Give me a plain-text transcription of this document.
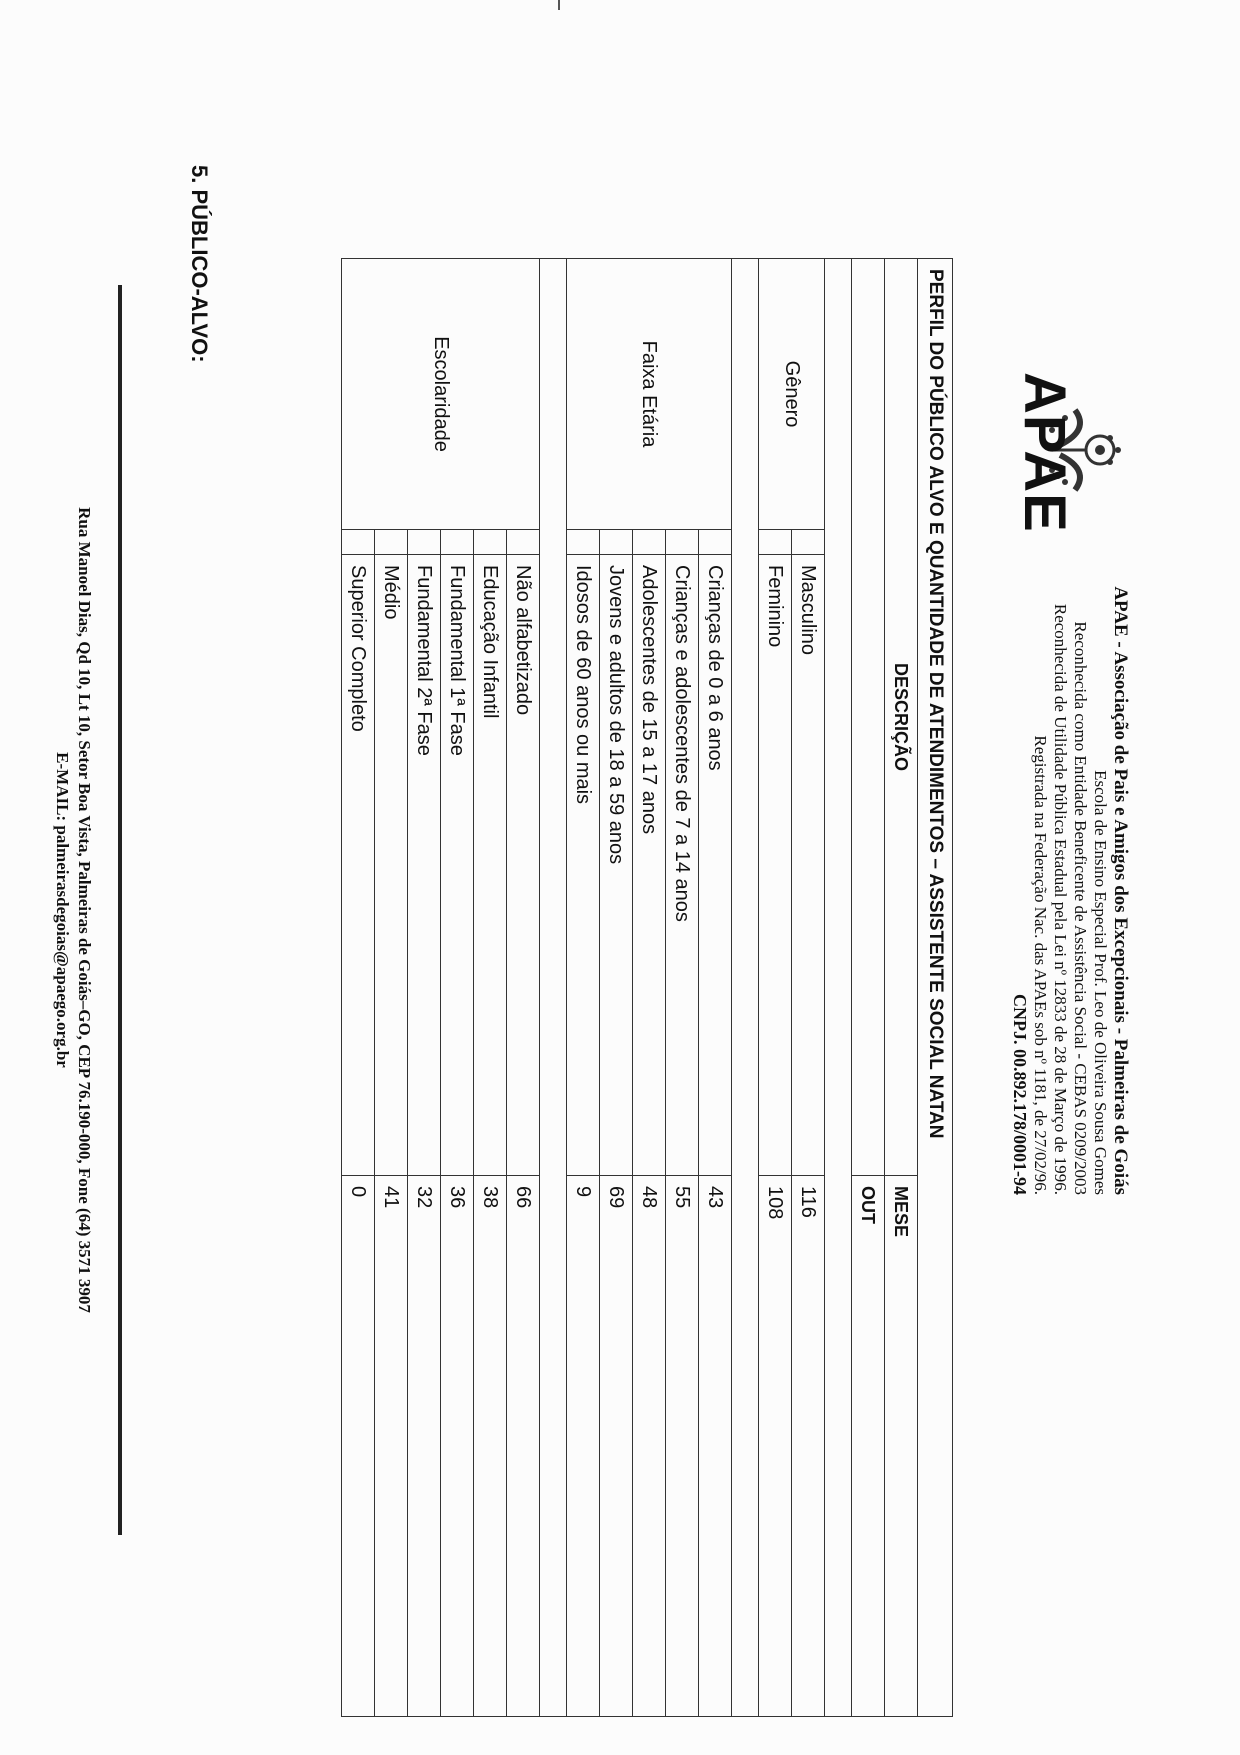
APAE
APAE - Associação de Pais e Amigos dos Excepcionais - Palmeiras de Goiás
Escola de Ensino Especial Prof. Leo de Oliveira Sousa Gomes
Reconhecida como Entidade Beneficente de Assistência Social - CEBAS 0209/2003
Reconhecida de Utilidade Pública Estadual pela Lei nº 12833 de 28 de Março de 1996.
Registrada na Federação Nac. das APAEs sob nº 1181, de 27/02/96.
CNPJ. 00.892.178/0001-94
5. PÚBLICO-ALVO:
PERFIL DO PÚBLICO ALVO E QUANTIDADE DE ATENDIMENTOS – ASSISTENTE SOCIAL NATAN			
DESCRIÇÃO			MESE
			OUT

Gênero		Masculino	116
		Feminino	108

Faixa Etária		Crianças de 0 a 6 anos	43
		Crianças e adolescentes de 7 a 14 anos	55
		Adolescentes de 15 a 17 anos	48
		Jovens e adultos de 18 a 59 anos	69
		Idosos de 60 anos ou mais	9

Escolaridade		Não alfabetizado	66
		Educação Infantil	38
		Fundamental 1ª Fase	36
		Fundamental 2ª Fase	32
		Médio	41
		Superior Completo	0
Rua Manoel Dias, Qd 10, Lt 10, Setor Boa Vista, Palmeiras de Goiás–GO, CEP 76.190-000, Fone (64) 3571 3907
E-MAIL: palmeirasdegoias@apaego.org.br
